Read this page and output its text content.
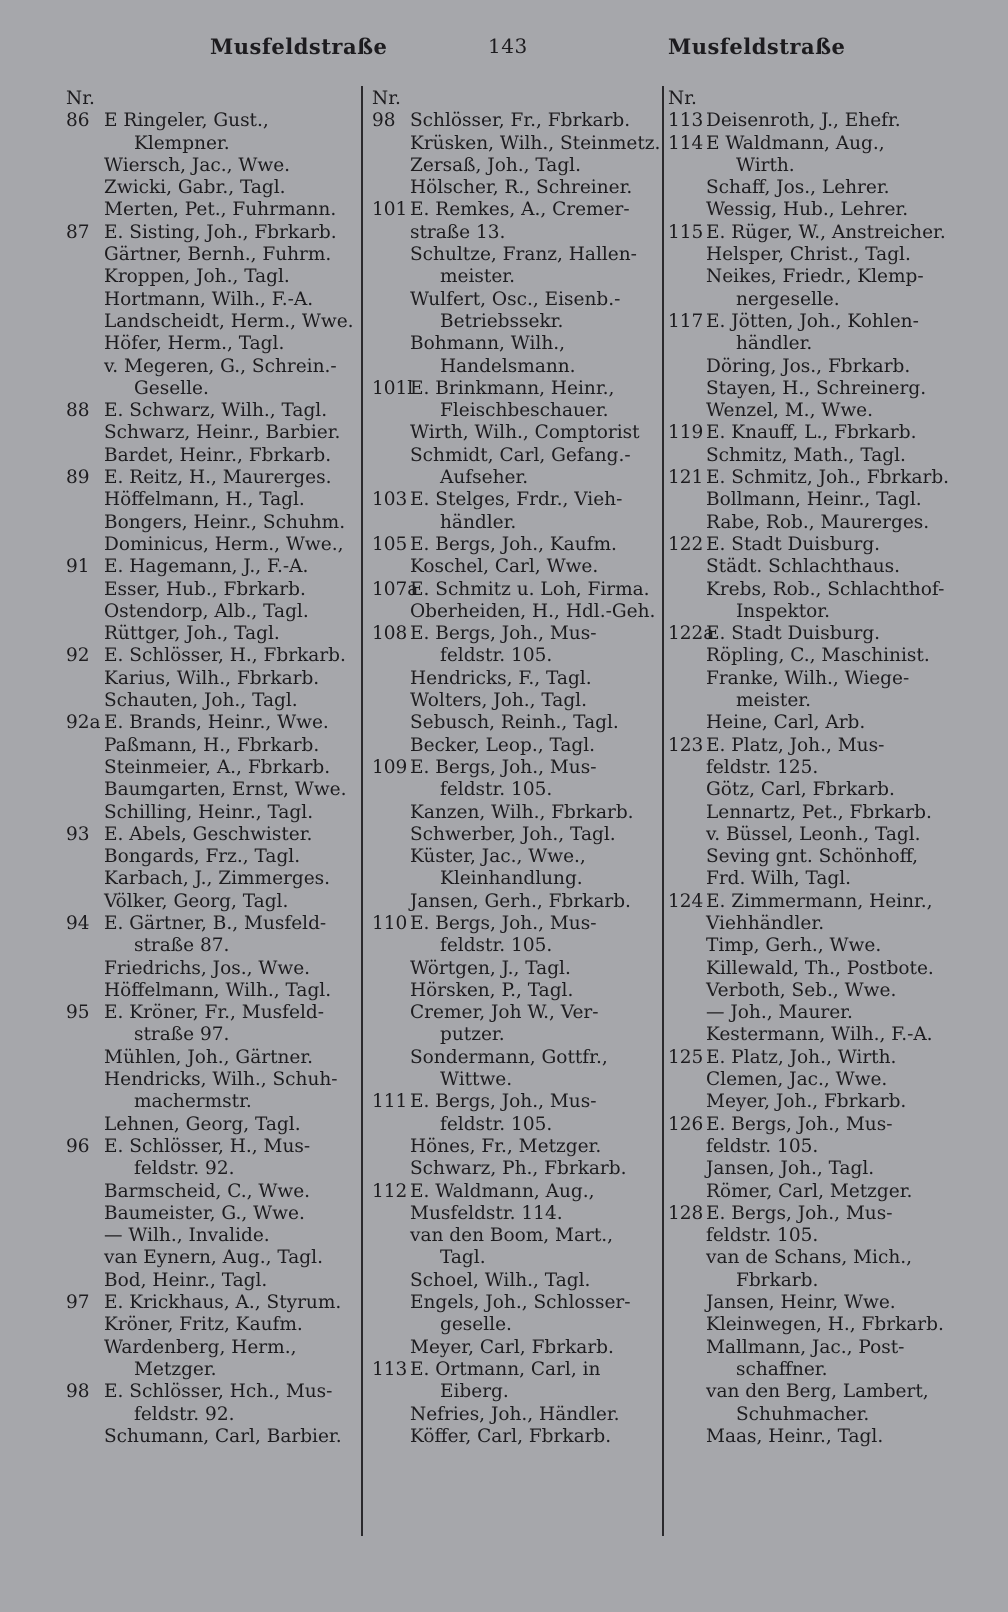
Musfeldstraße	143	Musfeldstraße
Nr.
86 E Ringeler, Gust.,
Klempner.
Wiersch, Jac., Wwe.
Zwicki, Gabr., Tagl.
Merten, Pet., Fuhrmann.
87 E. Sisting, Joh., Fbrkarb.
Gärtner, Bernh., Fuhrm.
Kroppen, Joh., Tagl.
Hortmann, Wilh., F.-A.
Landscheidt, Herm., Wwe.
Höfer, Herm., Tagl.
v. Megeren, G., Schrein.-
Geselle.
88 E. Schwarz, Wilh., Tagl.
Schwarz, Heinr., Barbier.
Bardet, Heinr., Fbrkarb.
89 E. Reitz, H., Maurerges.
Höffelmann, H., Tagl.
Bongers, Heinr., Schuhm.
Dominicus, Herm., Wwe.,
91 E. Hagemann, J., F.-A.
Esser, Hub., Fbrkarb.
Ostendorp, Alb., Tagl.
Rüttger, Joh., Tagl.
92 E. Schlösser, H., Fbrkarb.
Karius, Wilh., Fbrkarb.
Schauten, Joh., Tagl.
92a E. Brands, Heinr., Wwe.
Paßmann, H., Fbrkarb.
Steinmeier, A., Fbrkarb.
Baumgarten, Ernst, Wwe.
Schilling, Heinr., Tagl.
93 E. Abels, Geschwister.
Bongards, Frz., Tagl.
Karbach, J., Zimmerges.
Völker, Georg, Tagl.
94 E. Gärtner, B., Musfeld-
straße 87.
Friedrichs, Jos., Wwe.
Höffelmann, Wilh., Tagl.
95 E. Kröner, Fr., Musfeld-
straße 97.
Mühlen, Joh., Gärtner.
Hendricks, Wilh., Schuh-
machermstr.
Lehnen, Georg, Tagl.
96 E. Schlösser, H., Mus-
feldstr. 92.
Barmscheid, C., Wwe.
Baumeister, G., Wwe.
— Wilh., Invalide.
van Eynern, Aug., Tagl.
Bod, Heinr., Tagl.
97 E. Krickhaus, A., Styrum.
Kröner, Fritz, Kaufm.
Wardenberg, Herm.,
Metzger.
98 E. Schlösser, Hch., Mus-
feldstr. 92.
Schumann, Carl, Barbier.
Nr.
98 Schlösser, Fr., Fbrkarb.
Krüsken, Wilh., Steinmetz.
Zersaß, Joh., Tagl.
Hölscher, R., Schreiner.
101 E. Remkes, A., Cremer-
straße 13.
Schultze, Franz, Hallen-
meister.
Wulfert, Osc., Eisenb.-
Betriebssekr.
Bohmann, Wilh.,
Handelsmann.
101lE. Brinkmann, Heinr.,
Fleischbeschauer.
Wirth, Wilh., Comptorist
Schmidt, Carl, Gefang.-
Aufseher.
103 E. Stelges, Frdr., Vieh-
händler.
105 E. Bergs, Joh., Kaufm.
Koschel, Carl, Wwe.
107aE. Schmitz u. Loh, Firma.
Oberheiden, H., Hdl.-Geh.
108 E. Bergs, Joh., Mus-
feldstr. 105.
Hendricks, F., Tagl.
Wolters, Joh., Tagl.
Sebusch, Reinh., Tagl.
Becker, Leop., Tagl.
109 E. Bergs, Joh., Mus-
feldstr. 105.
Kanzen, Wilh., Fbrkarb.
Schwerber, Joh., Tagl.
Küster, Jac., Wwe.,
Kleinhandlung.
Jansen, Gerh., Fbrkarb.
110 E. Bergs, Joh., Mus-
feldstr. 105.
Wörtgen, J., Tagl.
Hörsken, P., Tagl.
Cremer, Joh W., Ver-
putzer.
Sondermann, Gottfr.,
Wittwe.
111 E. Bergs, Joh., Mus-
feldstr. 105.
Hönes, Fr., Metzger.
Schwarz, Ph., Fbrkarb.
112 E. Waldmann, Aug.,
Musfeldstr. 114.
van den Boom, Mart.,
Tagl.
Schoel, Wilh., Tagl.
Engels, Joh., Schlosser-
geselle.
Meyer, Carl, Fbrkarb.
113 E. Ortmann, Carl, in
Eiberg.
Nefries, Joh., Händler.
Köffer, Carl, Fbrkarb.
Nr.
113 Deisenroth, J., Ehefr.
114 E Waldmann, Aug.,
Wirth.
Schaff, Jos., Lehrer.
Wessig, Hub., Lehrer.
115 E. Rüger, W., Anstreicher.
Helsper, Christ., Tagl.
Neikes, Friedr., Klemp-
nergeselle.
117 E. Jötten, Joh., Kohlen-
händler.
Döring, Jos., Fbrkarb.
Stayen, H., Schreinerg.
Wenzel, M., Wwe.
119 E. Knauff, L., Fbrkarb.
Schmitz, Math., Tagl.
121 E. Schmitz, Joh., Fbrkarb.
Bollmann, Heinr., Tagl.
Rabe, Rob., Maurerges.
122 E. Stadt Duisburg.
Städt. Schlachthaus.
Krebs, Rob., Schlachthof-
Inspektor.
122aE. Stadt Duisburg.
Röpling, C., Maschinist.
Franke, Wilh., Wiege-
meister.
Heine, Carl, Arb.
123 E. Platz, Joh., Mus-
feldstr. 125.
Götz, Carl, Fbrkarb.
Lennartz, Pet., Fbrkarb.
v. Büssel, Leonh., Tagl.
Seving gnt. Schönhoff,
Frd. Wilh, Tagl.
124 E. Zimmermann, Heinr.,
Viehhändler.
Timp, Gerh., Wwe.
Killewald, Th., Postbote.
Verboth, Seb., Wwe.
— Joh., Maurer.
Kestermann, Wilh., F.-A.
125 E. Platz, Joh., Wirth.
Clemen, Jac., Wwe.
Meyer, Joh., Fbrkarb.
126 E. Bergs, Joh., Mus-
feldstr. 105.
Jansen, Joh., Tagl.
Römer, Carl, Metzger.
128 E. Bergs, Joh., Mus-
feldstr. 105.
van de Schans, Mich.,
Fbrkarb.
Jansen, Heinr, Wwe.
Kleinwegen, H., Fbrkarb.
Mallmann, Jac., Post-
schaffner.
van den Berg, Lambert,
Schuhmacher.
Maas, Heinr., Tagl.
